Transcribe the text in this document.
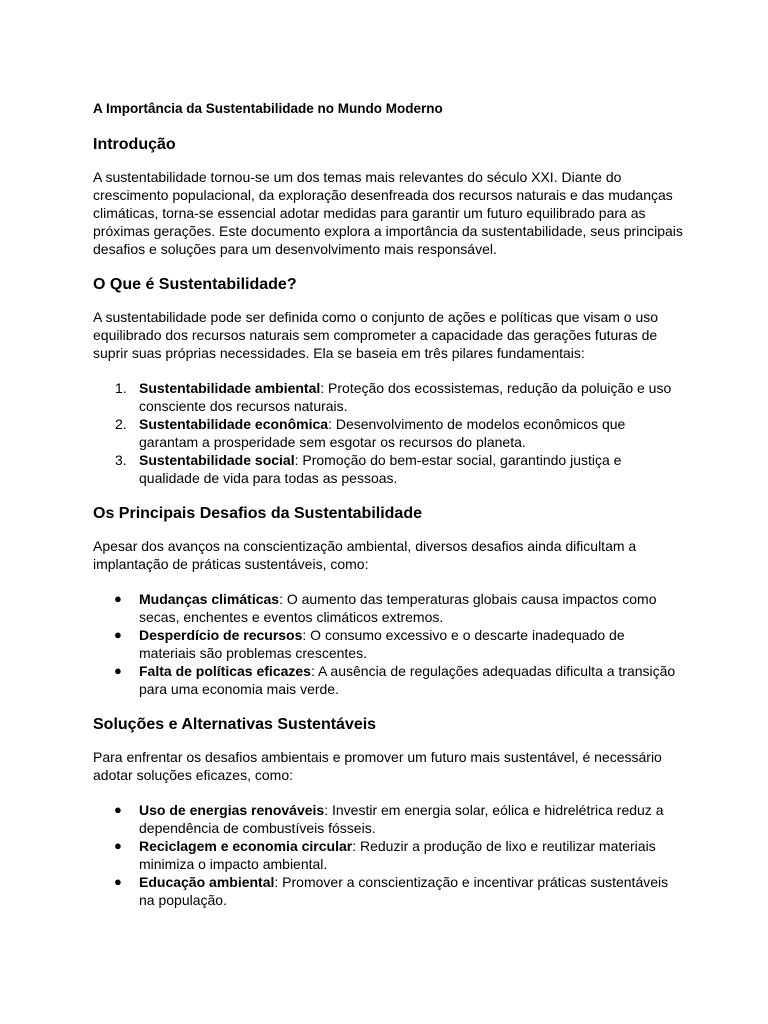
A Importância da Sustentabilidade no Mundo Moderno
Introdução

A sustentabilidade tornou-se um dos temas mais relevantes do século XXI. Diante do crescimento populacional, da exploração desenfreada dos recursos naturais e das mudanças climáticas, torna-se essencial adotar medidas para garantir um futuro equilibrado para as próximas gerações. Este documento explora a importância da sustentabilidade, seus principais desafios e soluções para um desenvolvimento mais responsável.

O Que é Sustentabilidade?

A sustentabilidade pode ser definida como o conjunto de ações e políticas que visam o uso equilibrado dos recursos naturais sem comprometer a capacidade das gerações futuras de suprir suas próprias necessidades. Ela se baseia em três pilares fundamentais:

1. Sustentabilidade ambiental: Proteção dos ecossistemas, redução da poluição e uso consciente dos recursos naturais.
2. Sustentabilidade econômica: Desenvolvimento de modelos econômicos que garantam a prosperidade sem esgotar os recursos do planeta.
3. Sustentabilidade social: Promoção do bem-estar social, garantindo justiça e qualidade de vida para todas as pessoas.
Os Principais Desafios da Sustentabilidade

Apesar dos avanços na conscientização ambiental, diversos desafios ainda dificultam a implantação de práticas sustentáveis, como:

● Mudanças climáticas: O aumento das temperaturas globais causa impactos como secas, enchentes e eventos climáticos extremos.
● Desperdício de recursos: O consumo excessivo e o descarte inadequado de materiais são problemas crescentes.
● Falta de políticas eficazes: A ausência de regulações adequadas dificulta a transição para uma economia mais verde.
Soluções e Alternativas Sustentáveis

Para enfrentar os desafios ambientais e promover um futuro mais sustentável, é necessário adotar soluções eficazes, como:

● Uso de energias renováveis: Investir em energia solar, eólica e hidrelétrica reduz a dependência de combustíveis fósseis.
● Reciclagem e economia circular: Reduzir a produção de lixo e reutilizar materiais minimiza o impacto ambiental.
● Educação ambiental: Promover a conscientização e incentivar práticas sustentáveis na população.
